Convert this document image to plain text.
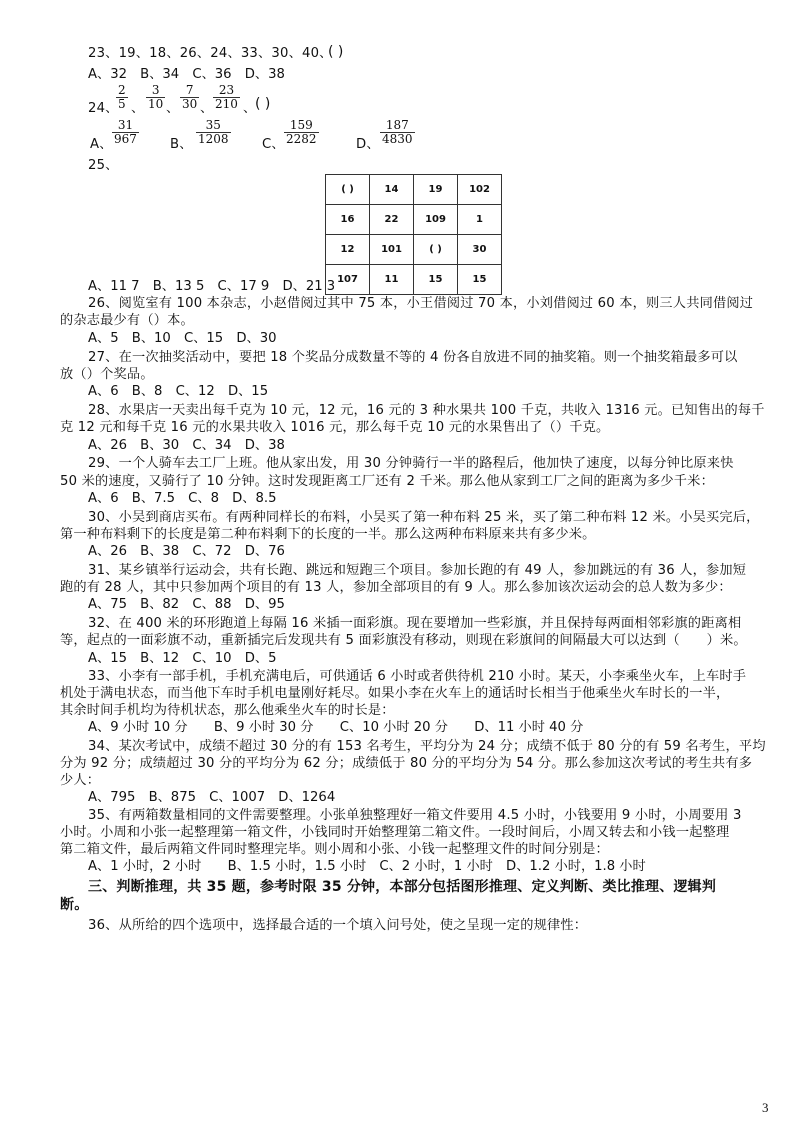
23、19、18、26、24、33、30、40、
( )
A、32　B、34　C、36　D、38
24、
$\frac{2}{5}$ 、 $\frac{3}{10}$ 、 $\frac{7}{30}$ 、 $\frac{23}{210}$ 、
( )
A、 $\frac{31}{967}$ B、 $\frac{35}{1208}$ C、 $\frac{159}{2282}$	D、 $\frac{187}{4830}$
25、
( )	14	19	102
16	22	109	1
12	101	( )	30
107	11	15	15
A、11 7　B、13 5　C、17 9　D、21 3
26、阅览室有 100 本杂志，小赵借阅过其中 75 本，小王借阅过 70 本，小刘借阅过 60 本，则三人共同借阅过
的杂志最少有（）本。
A、5　B、10　C、15　D、30
27、在一次抽奖活动中，要把 18 个奖品分成数量不等的 4 份各自放进不同的抽奖箱。则一个抽奖箱最多可以
放（）个奖品。
A、6　B、8　C、12　D、15
28、水果店一天卖出每千克为 10 元，12 元，16 元的 3 种水果共 100 千克，共收入 1316 元。已知售出的每千
克 12 元和每千克 16 元的水果共收入 1016 元，那么每千克 10 元的水果售出了（）千克。
A、26　B、30　C、34　D、38
29、一个人骑车去工厂上班。他从家出发，用 30 分钟骑行一半的路程后，他加快了速度，以每分钟比原来快
50 米的速度，又骑行了 10 分钟。这时发现距离工厂还有 2 千米。那么他从家到工厂之间的距离为多少千米：
A、6　B、7.5　C、8　D、8.5
30、小吴到商店买布。有两种同样长的布料，小吴买了第一种布料 25 米，买了第二种布料 12 米。小吴买完后，
第一种布料剩下的长度是第二种布料剩下的长度的一半。那么这两种布料原来共有多少米。
A、26　B、38　C、72　D、76
31、某乡镇举行运动会，共有长跑、跳远和短跑三个项目。参加长跑的有 49 人，参加跳远的有 36 人，参加短
跑的有 28 人，其中只参加两个项目的有 13 人，参加全部项目的有 9 人。那么参加该次运动会的总人数为多少：
A、75　B、82　C、88　D、95
32、在 400 米的环形跑道上每隔 16 米插一面彩旗。现在要增加一些彩旗，并且保持每两面相邻彩旗的距离相
等，起点的一面彩旗不动，重新插完后发现共有 5 面彩旗没有移动，则现在彩旗间的间隔最大可以达到（　　）米。
A、15　B、12　C、10　D、5
33、小李有一部手机，手机充满电后，可供通话 6 小时或者供待机 210 小时。某天，小李乘坐火车，上车时手
机处于满电状态，而当他下车时手机电量刚好耗尽。如果小李在火车上的通话时长相当于他乘坐火车时长的一半，
其余时间手机均为待机状态，那么他乘坐火车的时长是：
A、9 小时 10 分　　B、9 小时 30 分　　C、10 小时 20 分　　D、11 小时 40 分
34、某次考试中，成绩不超过 30 分的有 153 名考生，平均分为 24 分；成绩不低于 80 分的有 59 名考生，平均
分为 92 分；成绩超过 30 分的平均分为 62 分；成绩低于 80 分的平均分为 54 分。那么参加这次考试的考生共有多
少人：
A、795　B、875　C、1007　D、1264
35、有两箱数量相同的文件需要整理。小张单独整理好一箱文件要用 4.5 小时，小钱要用 9 小时，小周要用 3
小时。小周和小张一起整理第一箱文件，小钱同时开始整理第二箱文件。一段时间后，小周又转去和小钱一起整理
第二箱文件，最后两箱文件同时整理完毕。则小周和小张、小钱一起整理文件的时间分别是：
A、1 小时，2 小时　　B、1.5 小时，1.5 小时　C、2 小时，1 小时　D、1.2 小时，1.8 小时
三、判断推理，共 35 题，参考时限 35 分钟，本部分包括图形推理、定义判断、类比推理、逻辑判
断。
36、从所给的四个选项中，选择最合适的一个填入问号处，使之呈现一定的规律性：
3
